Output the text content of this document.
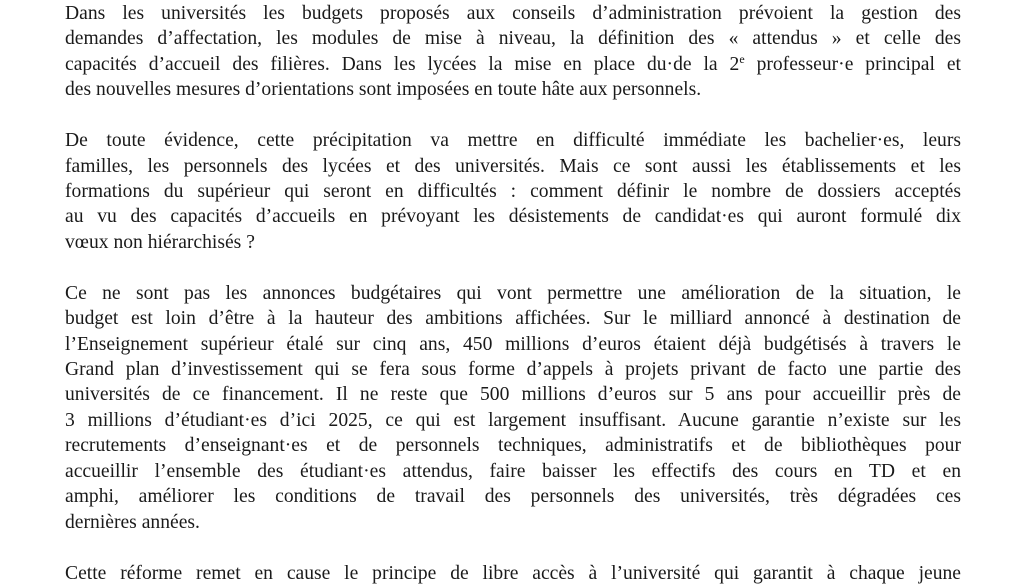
Dans les universités les budgets proposés aux conseils d’administration prévoient la gestion des
demandes d’affectation, les modules de mise à niveau, la définition des « attendus » et celle des
capacités d’accueil des filières. Dans les lycées la mise en place du·de la 2e professeur·e principal et
des nouvelles mesures d’orientations sont imposées en toute hâte aux personnels.

De toute évidence, cette précipitation va mettre en difficulté immédiate les bachelier·es, leurs
familles, les personnels des lycées et des universités. Mais ce sont aussi les établissements et les
formations du supérieur qui seront en difficultés : comment définir le nombre de dossiers acceptés
au vu des capacités d’accueils en prévoyant les désistements de candidat·es qui auront formulé dix
vœux non hiérarchisés ?

Ce ne sont pas les annonces budgétaires qui vont permettre une amélioration de la situation, le
budget est loin d’être à la hauteur des ambitions affichées. Sur le milliard annoncé à destination de
l’Enseignement supérieur étalé sur cinq ans, 450 millions d’euros étaient déjà budgétisés à travers le
Grand plan d’investissement qui se fera sous forme d’appels à projets privant de facto une partie des
universités de ce financement. Il ne reste que 500 millions d’euros sur 5 ans pour accueillir près de
3 millions d’étudiant·es d’ici 2025, ce qui est largement insuffisant. Aucune garantie n’existe sur les
recrutements d’enseignant·es et de personnels techniques, administratifs et de bibliothèques pour
accueillir l’ensemble des étudiant·es attendus, faire baisser les effectifs des cours en TD et en
amphi, améliorer les conditions de travail des personnels des universités, très dégradées ces
dernières années.

Cette réforme remet en cause le principe de libre accès à l’université qui garantit à chaque jeune
